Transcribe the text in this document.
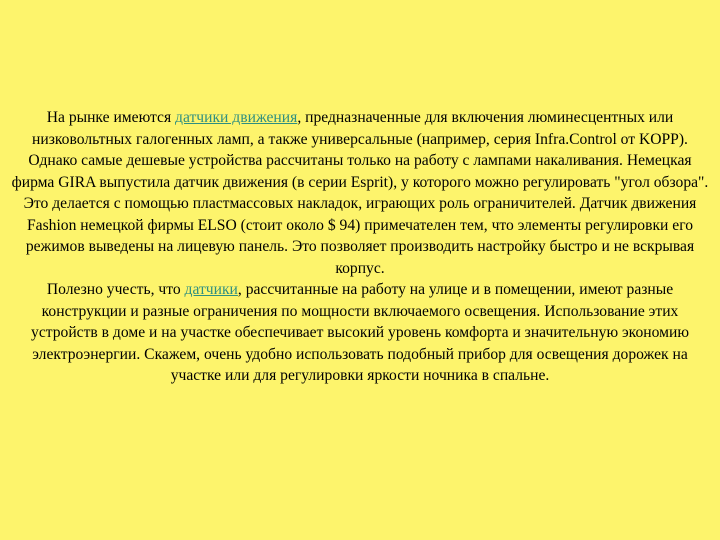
На рынке имеются датчики движения, предназначенные для включения люминесцентных или низковольтных галогенных ламп, а также универсальные (например, серия Infra.Control от KOPP). Однако самые дешевые устройства рассчитаны только на работу с лампами накаливания. Немецкая фирма GIRA выпустила датчик движения (в серии Esprit), у которого можно регулировать "угол обзора". Это делается с помощью пластмассовых накладок, играющих роль ограничителей. Датчик движения Fashion немецкой фирмы ELSO (стоит около $ 94) примечателен тем, что элементы регулировки его режимов выведены на лицевую панель. Это позволяет производить настройку быстро и не вскрывая корпус.

Полезно учесть, что датчики, рассчитанные на работу на улице и в помещении, имеют разные конструкции и разные ограничения по мощности включаемого освещения. Использование этих устройств в доме и на участке обеспечивает высокий уровень комфорта и значительную экономию электроэнергии. Скажем, очень удобно использовать подобный прибор для освещения дорожек на участке или для регулировки яркости ночника в спальне.
